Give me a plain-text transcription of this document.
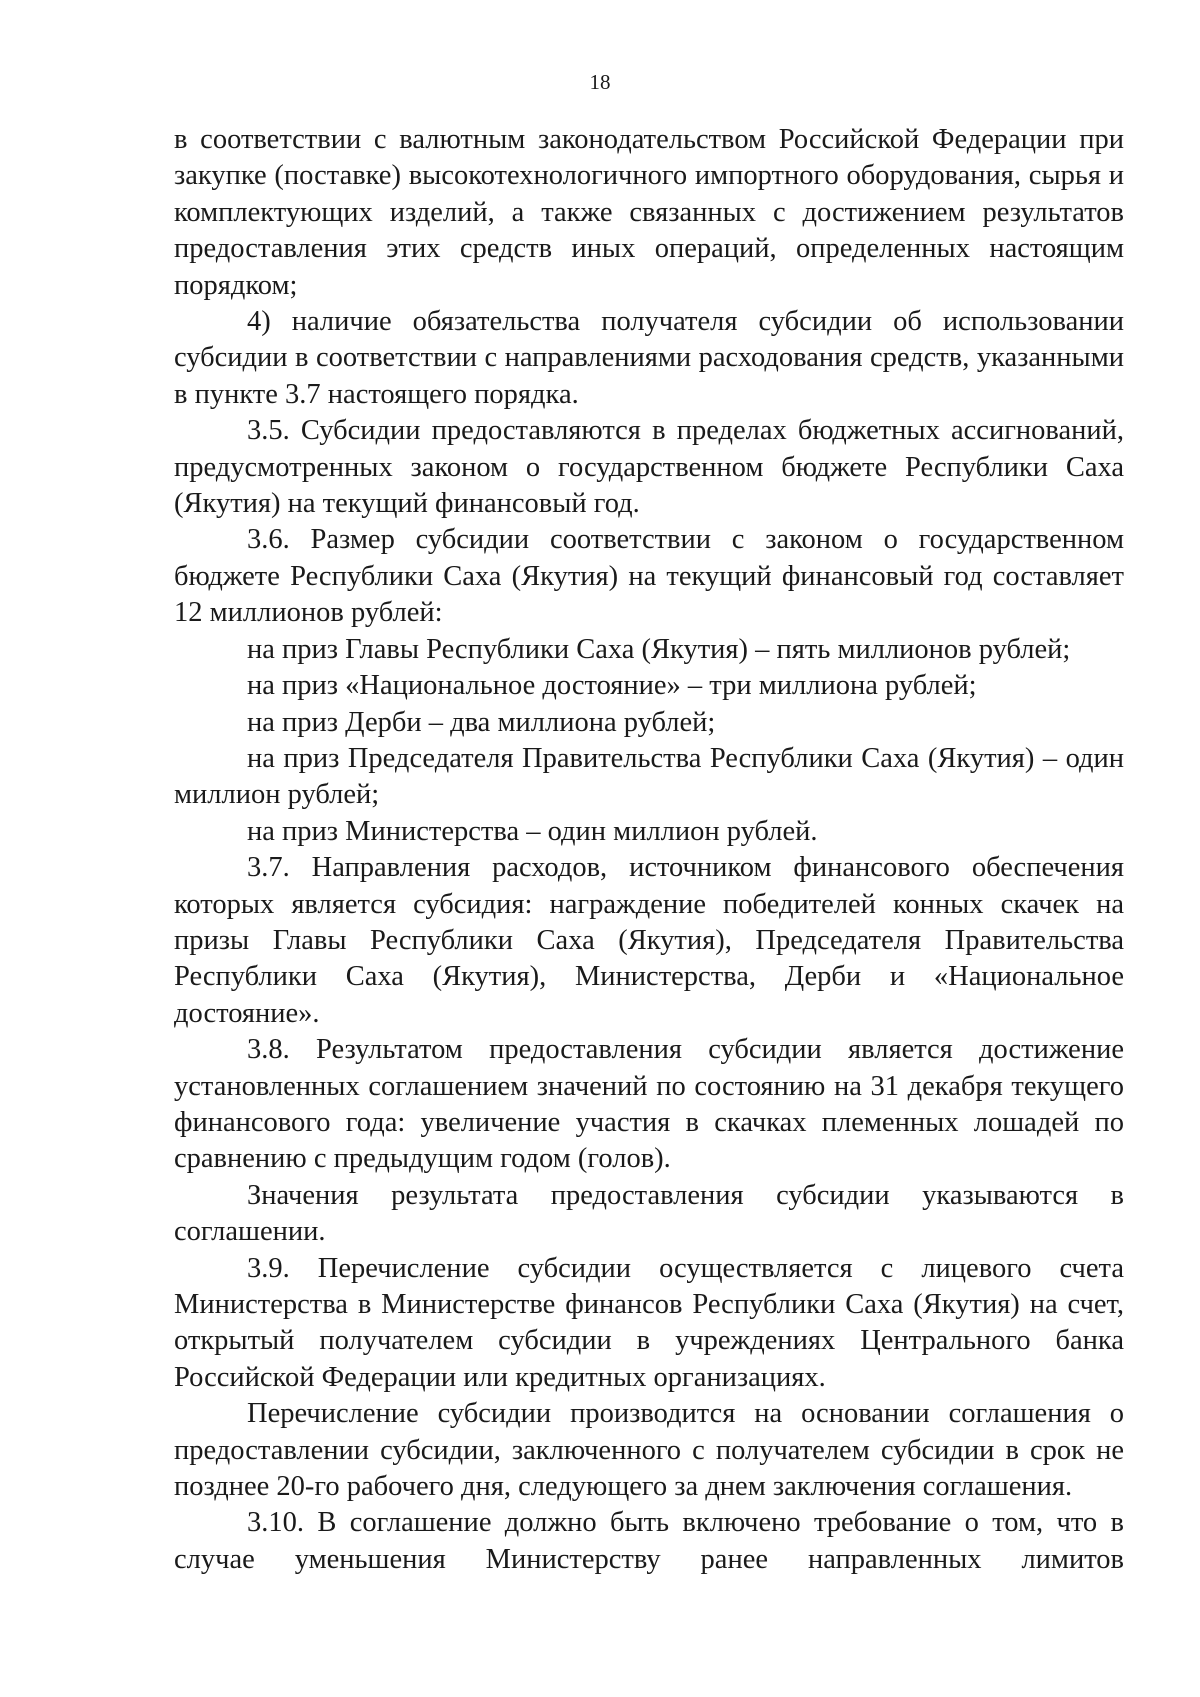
18

в соответствии с валютным законодательством Российской Федерации при закупке (поставке) высокотехнологичного импортного оборудования, сырья и комплектующих изделий, а также связанных с достижением результатов предоставления этих средств иных операций, определенных настоящим порядком;

4) наличие обязательства получателя субсидии об использовании субсидии в соответствии с направлениями расходования средств, указанными в пункте 3.7 настоящего порядка.

3.5. Субсидии предоставляются в пределах бюджетных ассигнований, предусмотренных законом о государственном бюджете Республики Саха (Якутия) на текущий финансовый год.

3.6. Размер субсидии соответствии с законом о государственном бюджете Республики Саха (Якутия) на текущий финансовый год составляет 12 миллионов рублей:

на приз Главы Республики Саха (Якутия) – пять миллионов рублей;

на приз «Национальное достояние» – три миллиона рублей;

на приз Дерби – два миллиона рублей;

на приз Председателя Правительства Республики Саха (Якутия) – один миллион рублей;

на приз Министерства – один миллион рублей.

3.7. Направления расходов, источником финансового обеспечения которых является субсидия: награждение победителей конных скачек на призы Главы Республики Саха (Якутия), Председателя Правительства Республики Саха (Якутия), Министерства, Дерби и «Национальное достояние».

3.8. Результатом предоставления субсидии является достижение установленных соглашением значений по состоянию на 31 декабря текущего финансового года: увеличение участия в скачках племенных лошадей по сравнению с предыдущим годом (голов).

Значения результата предоставления субсидии указываются в соглашении.

3.9. Перечисление субсидии осуществляется с лицевого счета Министерства в Министерстве финансов Республики Саха (Якутия) на счет, открытый получателем субсидии в учреждениях Центрального банка Российской Федерации или кредитных организациях.

Перечисление субсидии производится на основании соглашения о предоставлении субсидии, заключенного с получателем субсидии в срок не позднее 20-го рабочего дня, следующего за днем заключения соглашения.

3.10. В соглашение должно быть включено требование о том, что в случае уменьшения Министерству ранее направленных лимитов
